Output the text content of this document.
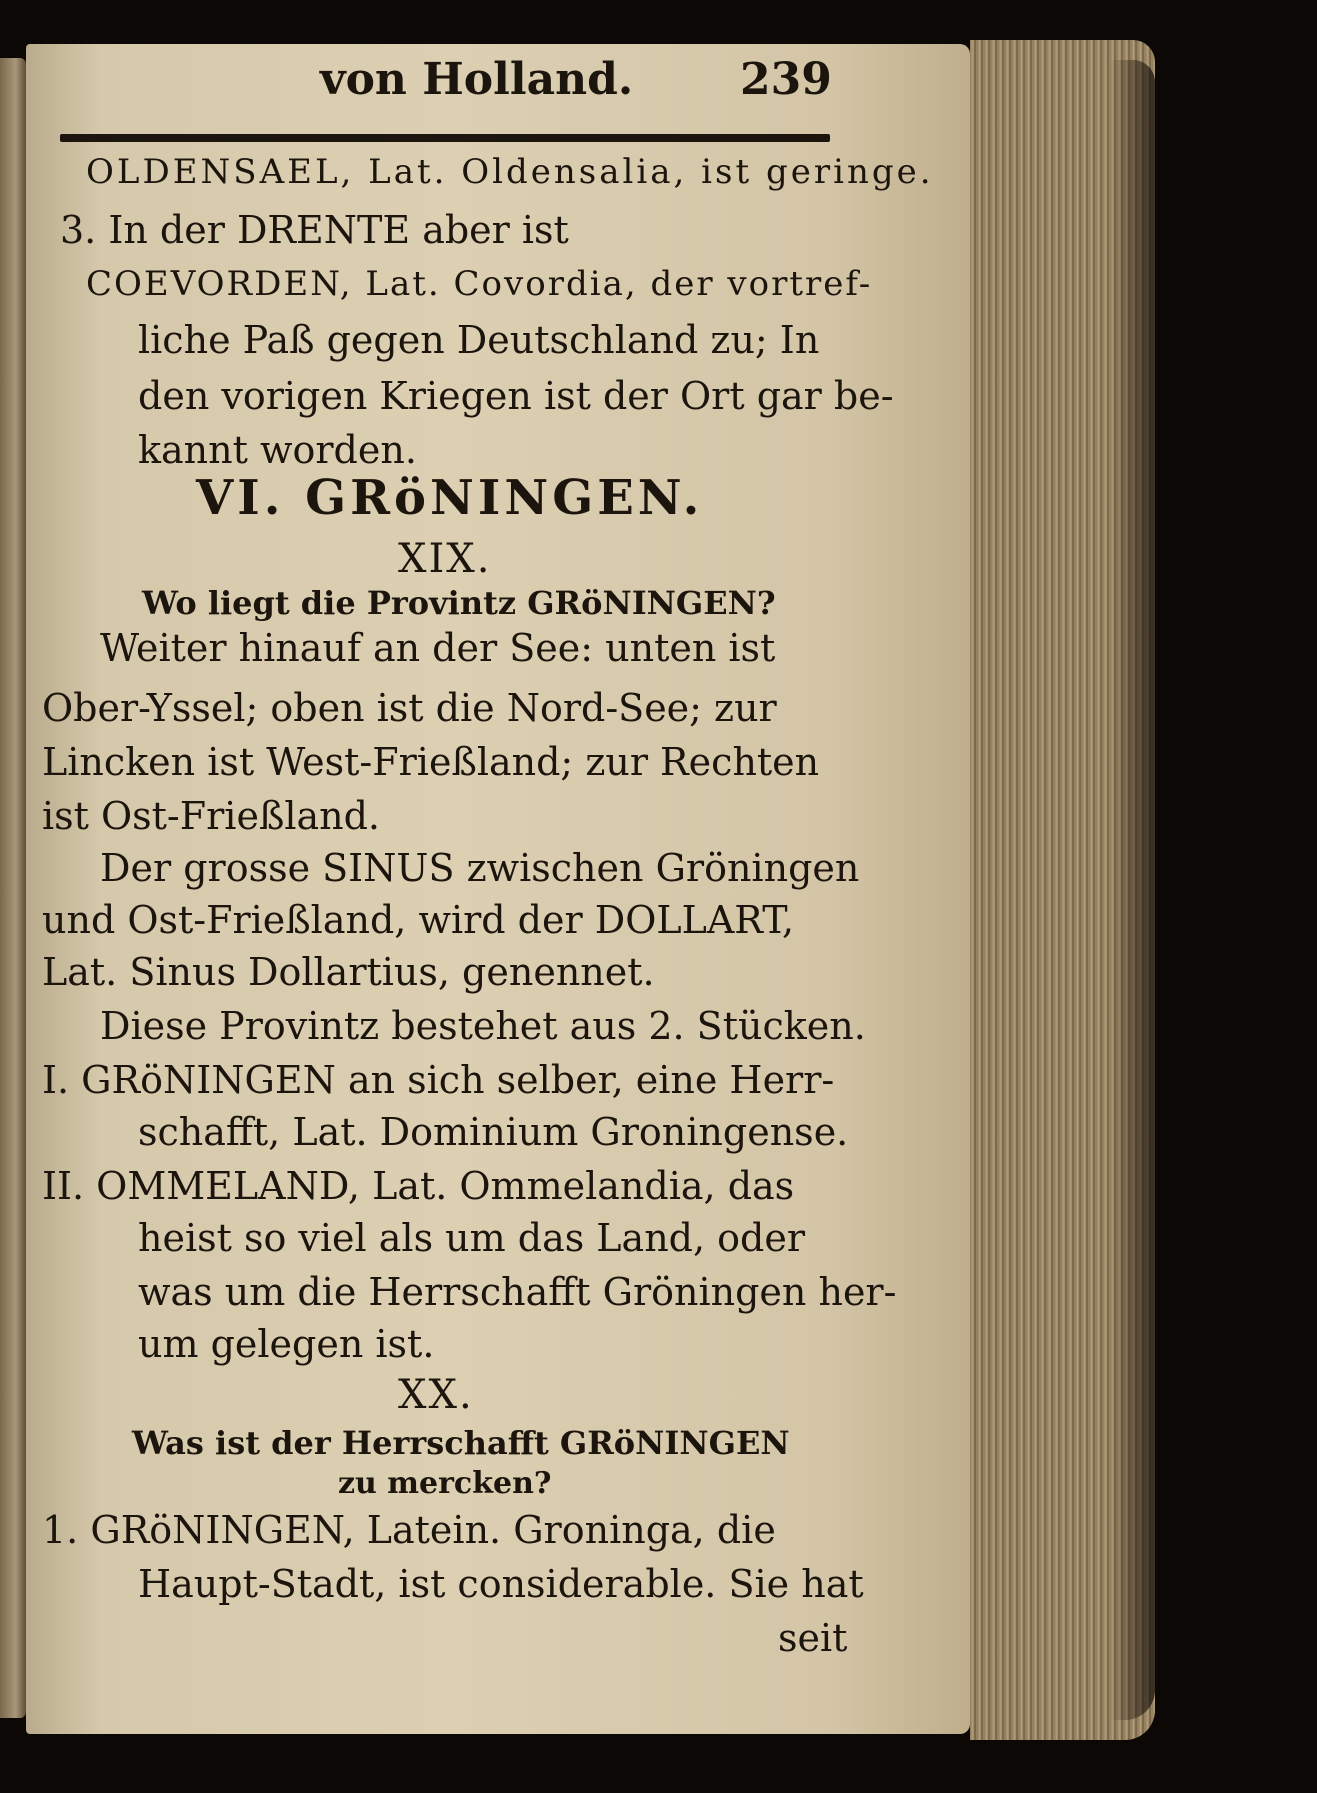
von Holland. 239
OLDENSAEL, Lat. Oldensalia, ist geringe.
3. In der DRENTE aber ist
COEVORDEN, Lat. Covordia, der vortref-
liche Paß gegen Deutschland zu; In
den vorigen Kriegen ist der Ort gar be-
kannt worden.
VI. GRöNINGEN.
XIX.
Wo liegt die Provintz GRöNINGEN?
Weiter hinauf an der See: unten ist
Ober-Yssel; oben ist die Nord-See; zur
Lincken ist West-Frießland; zur Rechten
ist Ost-Frießland.
Der grosse SINUS zwischen Gröningen
und Ost-Frießland, wird der DOLLART,
Lat. Sinus Dollartius, genennet.
Diese Provintz bestehet aus 2. Stücken.
I. GRöNINGEN an sich selber, eine Herr-
schafft, Lat. Dominium Groningense.
II. OMMELAND, Lat. Ommelandia, das
heist so viel als um das Land, oder
was um die Herrschafft Gröningen her-
um gelegen ist.
XX.
Was ist der Herrschafft GRöNINGEN
zu mercken?
1. GRöNINGEN, Latein. Groninga, die
Haupt-Stadt, ist considerable. Sie hat
seit
